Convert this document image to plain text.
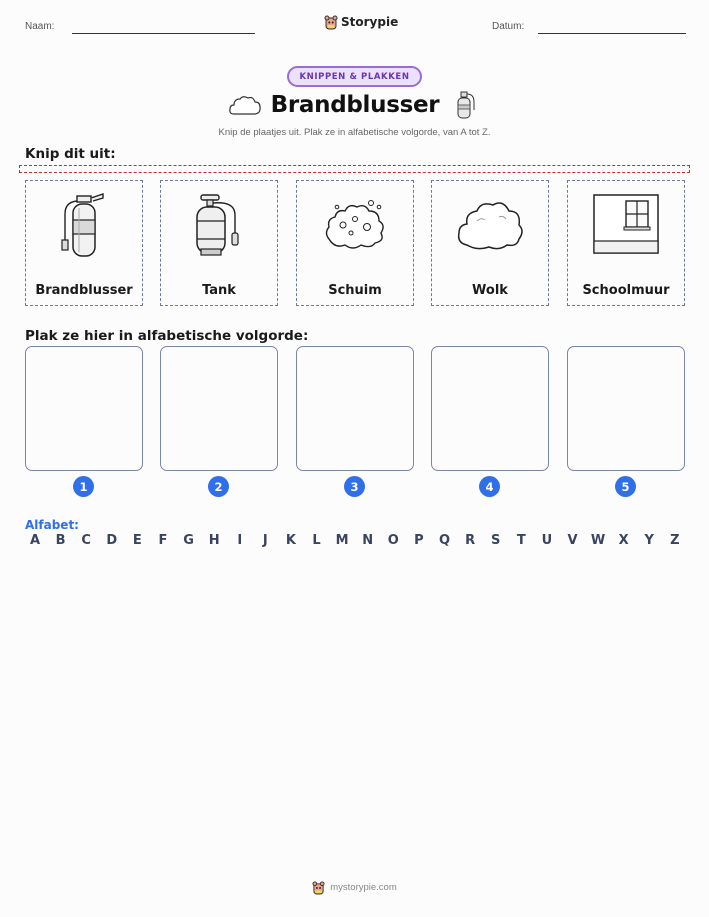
Naam:	Storypie	Datum:
KNIPPEN & PLAKKEN
Brandblusser
Knip de plaatjes uit. Plak ze in alfabetische volgorde, van A tot Z.
Knip dit uit:
Brandblusser	Tank	Schuim	Wolk	Schoolmuur
Plak ze hier in alfabetische volgorde:
1	2	3	4	5
Alfabet:
A	B	C	D	E	F	G	H	I	J	K	L	M	N	O	P	Q	R	S	T	U	V	W	X	Y	Z
mystorypie.com
